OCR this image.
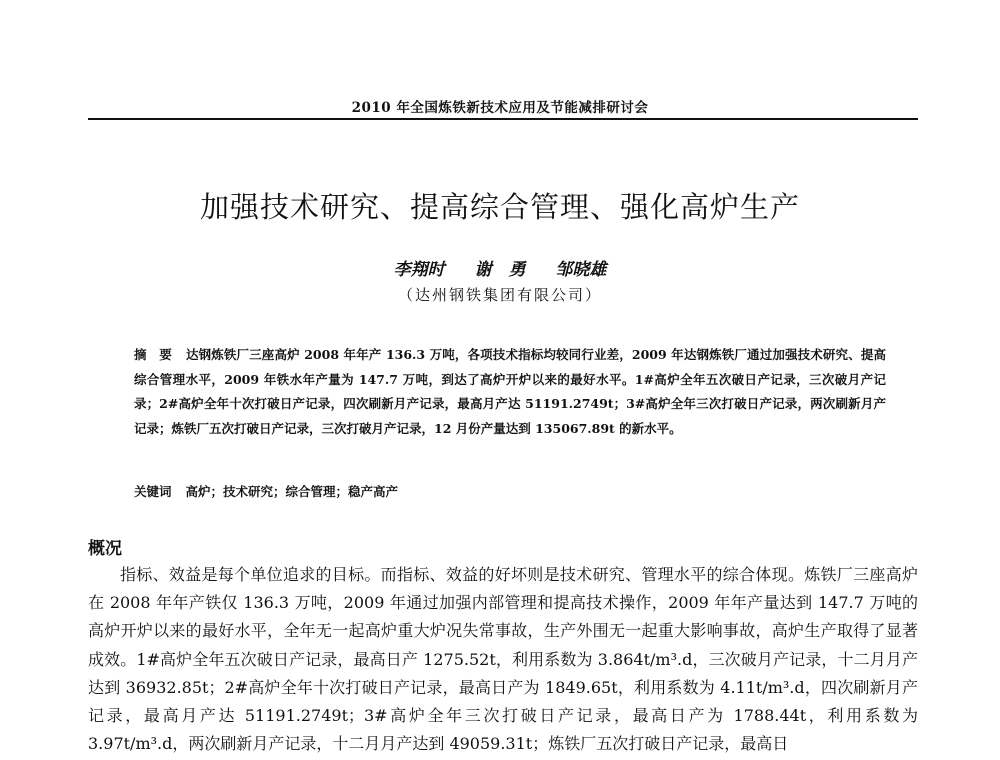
2010 年全国炼铁新技术应用及节能减排研讨会
加强技术研究、提高综合管理、强化高炉生产
李翔时 谢　勇 邹晓雄
（达州钢铁集团有限公司）
摘　要 达钢炼铁厂三座高炉 2008 年年产 136.3 万吨，各项技术指标均较同行业差，2009 年达钢炼铁厂通过加强技术研究、提高综合管理水平，2009 年铁水年产量为 147.7 万吨，到达了高炉开炉以来的最好水平。1#高炉全年五次破日产记录，三次破月产记录；2#高炉全年十次打破日产记录，四次刷新月产记录，最高月产达 51191.2749t；3#高炉全年三次打破日产记录，两次刷新月产记录；炼铁厂五次打破日产记录，三次打破月产记录，12 月份产量达到 135067.89t 的新水平。
关键词 高炉；技术研究；综合管理；稳产高产
概况

指标、效益是每个单位追求的目标。而指标、效益的好坏则是技术研究、管理水平的综合体现。炼铁厂三座高炉在 2008 年年产铁仅 136.3 万吨，2009 年通过加强内部管理和提高技术操作，2009 年年产量达到 147.7 万吨的高炉开炉以来的最好水平，全年无一起高炉重大炉况失常事故，生产外围无一起重大影响事故，高炉生产取得了显著成效。1#高炉全年五次破日产记录，最高日产 1275.52t，利用系数为 3.864t/m³.d，三次破月产记录，十二月月产达到 36932.85t；2#高炉全年十次打破日产记录，最高日产为 1849.65t，利用系数为 4.11t/m³.d，四次刷新月产记录，最高月产达 51191.2749t；3#高炉全年三次打破日产记录，最高日产为 1788.44t，利用系数为 3.97t/m³.d，两次刷新月产记录，十二月月产达到 49059.31t；炼铁厂五次打破日产记录，最高日
